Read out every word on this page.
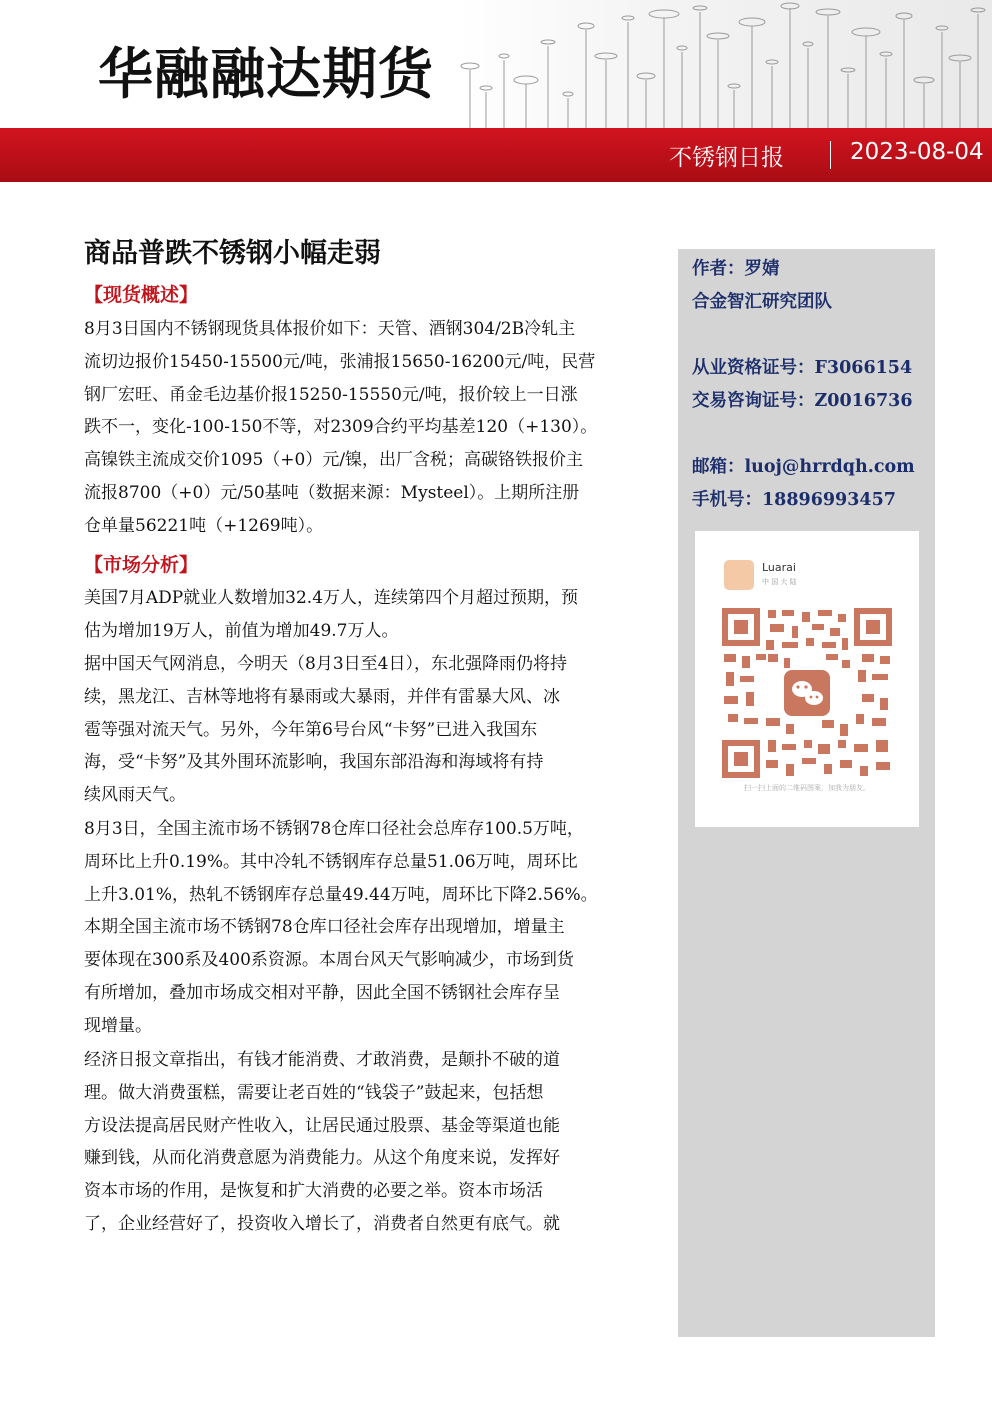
华融融达期货
不锈钢日报	2023-08-04
商品普跌不锈钢小幅走弱
【现货概述】
8月3日国内不锈钢现货具体报价如下：天管、酒钢304/2B冷轧主
流切边报价15450-15500元/吨，张浦报15650-16200元/吨，民营
钢厂宏旺、甬金毛边基价报15250-15550元/吨，报价较上一日涨
跌不一，变化-100-150不等，对2309合约平均基差120（+130）。
高镍铁主流成交价1095（+0）元/镍，出厂含税；高碳铬铁报价主
流报8700（+0）元/50基吨（数据来源：Mysteel）。上期所注册
仓单量56221吨（+1269吨）。
【市场分析】
美国7月ADP就业人数增加32.4万人，连续第四个月超过预期，预
估为增加19万人，前值为增加49.7万人。
据中国天气网消息，今明天（8月3日至4日），东北强降雨仍将持
续，黑龙江、吉林等地将有暴雨或大暴雨，并伴有雷暴大风、冰
雹等强对流天气。另外，今年第6号台风“卡努”已进入我国东
海，受“卡努”及其外围环流影响，我国东部沿海和海域将有持
续风雨天气。
8月3日，全国主流市场不锈钢78仓库口径社会总库存100.5万吨，
周环比上升0.19%。其中冷轧不锈钢库存总量51.06万吨，周环比
上升3.01%，热轧不锈钢库存总量49.44万吨，周环比下降2.56%。
本期全国主流市场不锈钢78仓库口径社会库存出现增加，增量主
要体现在300系及400系资源。本周台风天气影响减少，市场到货
有所增加，叠加市场成交相对平静，因此全国不锈钢社会库存呈
现增量。
经济日报文章指出，有钱才能消费、才敢消费，是颠扑不破的道
理。做大消费蛋糕，需要让老百姓的“钱袋子”鼓起来，包括想
方设法提高居民财产性收入，让居民通过股票、基金等渠道也能
赚到钱，从而化消费意愿为消费能力。从这个角度来说，发挥好
资本市场的作用，是恢复和扩大消费的必要之举。资本市场活
了，企业经营好了，投资收入增长了，消费者自然更有底气。就
作者：罗婧
合金智汇研究团队
从业资格证号：F3066154
交易咨询证号：Z0016736
邮箱：luoj@hrrdqh.com
手机号：18896993457
Luarai
中 国 大 陆
扫一扫上面的二维码图案，加我为朋友。
